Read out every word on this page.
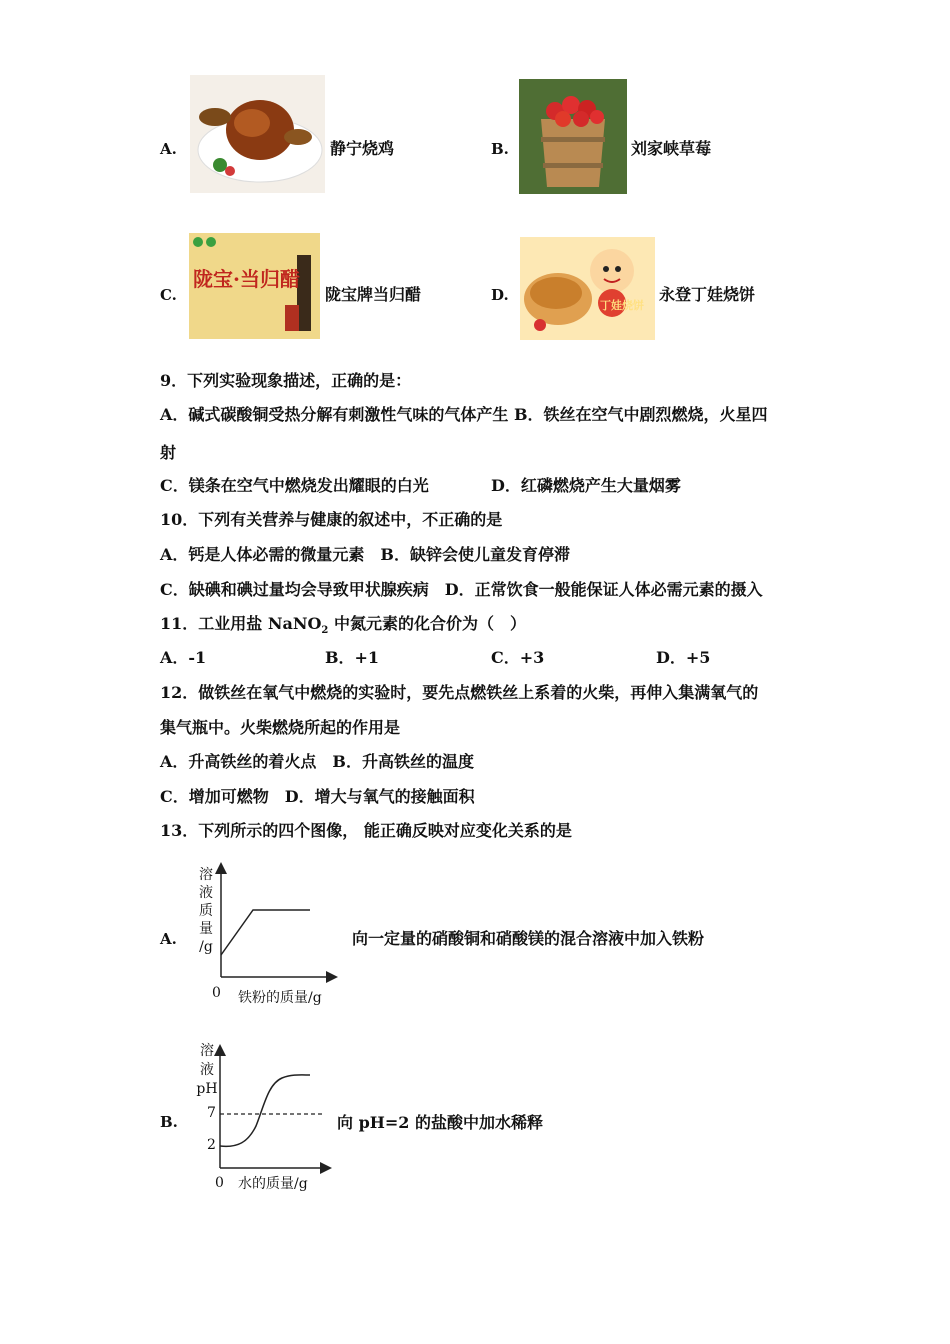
A.	静宁烧鸡	B.	刘家峡草莓
C.
陇宝·当归醋
陇宝牌当归醋	D.
丁娃烧饼
永登丁娃烧饼
9．下列实验现象描述，正确的是：
A．碱式碳酸铜受热分解有刺激性气味的气体产生 B．铁丝在空气中剧烈燃烧，火星四
射
C．镁条在空气中燃烧发出耀眼的白光	D．红磷燃烧产生大量烟雾
10．下列有关营养与健康的叙述中，不正确的是
A．钙是人体必需的微量元素　B．缺锌会使儿童发育停滞
C．缺碘和碘过量均会导致甲状腺疾病　D．正常饮食一般能保证人体必需元素的摄入
11．工业用盐 NaNO$_2$ 中氮元素的化合价为（　）
A．-1	B．+1	C．+3	D．+5
12．做铁丝在氧气中燃烧的实验时，要先点燃铁丝上系着的火柴，再伸入集满氧气的
集气瓶中。火柴燃烧所起的作用是
A．升高铁丝的着火点　B．升高铁丝的温度
C．增加可燃物　D．增大与氧气的接触面积
13．下列所示的四个图像， 能正确反映对应变化关系的是
A.
溶
液
质
量
/g
0 铁粉的质量/g
向一定量的硝酸铜和硝酸镁的混合溶液中加入铁粉
B.
溶
液
pH
7
2
0 水的质量/g
向 pH=2 的盐酸中加水稀释
